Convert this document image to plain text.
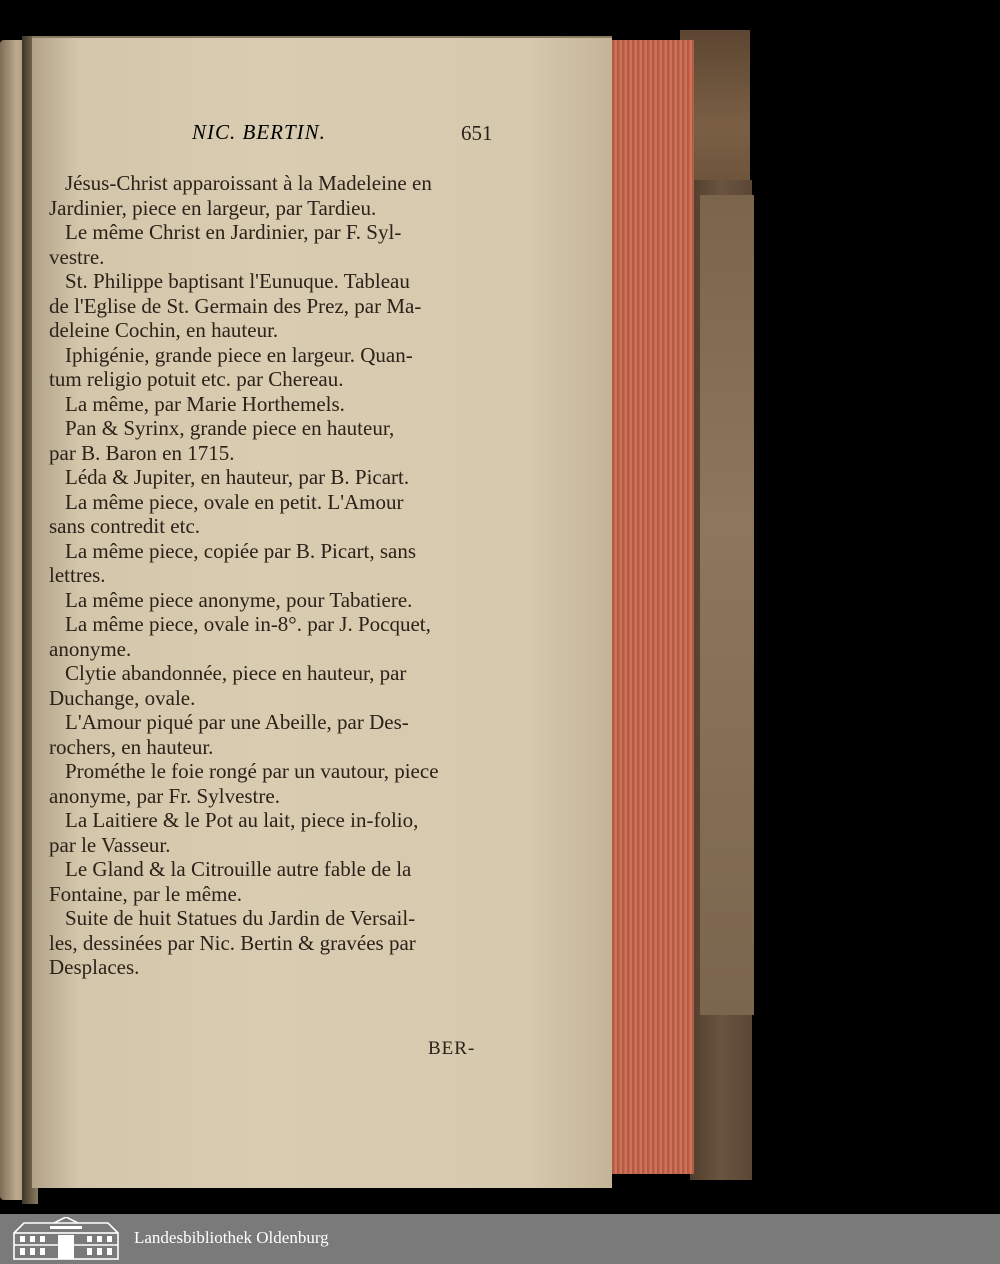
NIC. BERTIN.	651
Jésus-Christ apparoissant à la Madeleine en
Jardinier, piece en largeur, par Tardieu.
Le même Christ en Jardinier, par F. Syl-
vestre.
St. Philippe baptisant l'Eunuque. Tableau
de l'Eglise de St. Germain des Prez, par Ma-
deleine Cochin, en hauteur.
Iphigénie, grande piece en largeur. Quan-
tum religio potuit etc. par Chereau.
La même, par Marie Horthemels.
Pan & Syrinx, grande piece en hauteur,
par B. Baron en 1715.
Léda & Jupiter, en hauteur, par B. Picart.
La même piece, ovale en petit. L'Amour
sans contredit etc.
La même piece, copiée par B. Picart, sans
lettres.
La même piece anonyme, pour Tabatiere.
La même piece, ovale in-8°. par J. Pocquet,
anonyme.
Clytie abandonnée, piece en hauteur, par
Duchange, ovale.
L'Amour piqué par une Abeille, par Des-
rochers, en hauteur.
Prométhe le foie rongé par un vautour, piece
anonyme, par Fr. Sylvestre.
La Laitiere & le Pot au lait, piece in-folio,
par le Vasseur.
Le Gland & la Citrouille autre fable de la
Fontaine, par le même.
Suite de huit Statues du Jardin de Versail-
les, dessinées par Nic. Bertin & gravées par
Desplaces.
BER-
Landesbibliothek Oldenburg
